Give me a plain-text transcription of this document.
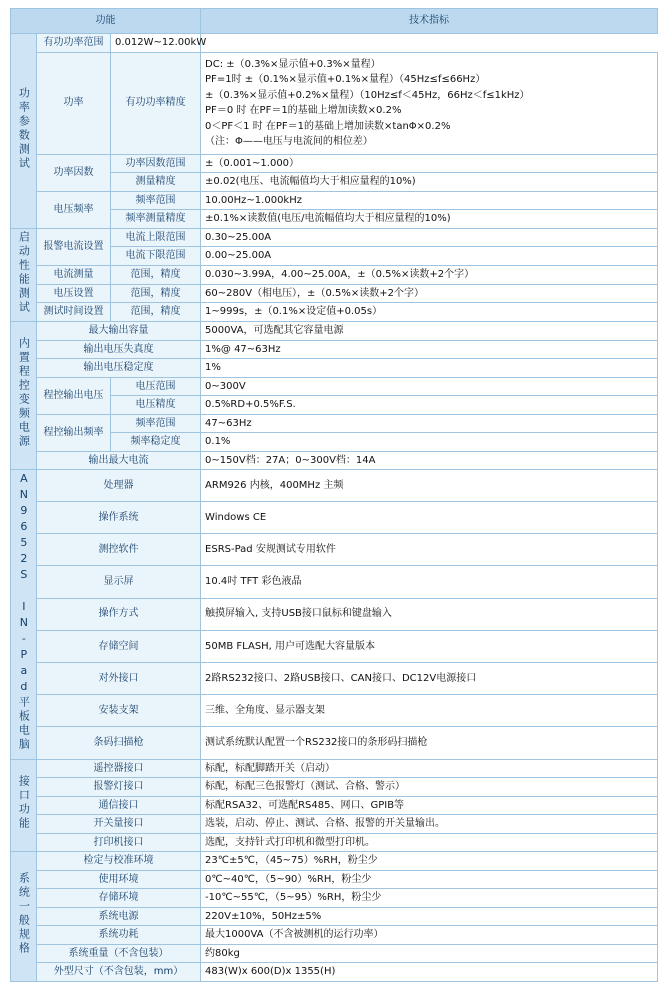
功能			技术指标
功率参数测试	有功功率范围	0.012W~12.00kW	
功率	有功功率精度	
DC: ±（0.3%×显示值+0.3%×量程）
PF=1时 ±（0.1%×显示值+0.1%×量程）（45Hz≤f≤66Hz）
±（0.3%×显示值+0.2%×量程）（10Hz≤f＜45Hz，66Hz＜f≤1kHz）
PF＝0 时 在PF＝1的基础上增加读数×0.2%
0＜PF＜1 时 在PF＝1的基础上增加读数×tanΦ×0.2%
（注：Φ——电压与电流间的相位差）

	功率因数	功率因数范围	±（0.001~1.000）
		测量精度	±0.02(电压、电流幅值均大于相应量程的10%)
	电压频率	频率范围	10.00Hz~1.000kHz
		频率测量精度	±0.1%×读数值(电压/电流幅值均大于相应量程的10%)
启动性能测试	报警电流设置	电流上限范围	0.30~25.00A
		电流下限范围	0.00~25.00A
	电流测量	范围，精度	0.030~3.99A，4.00~25.00A，±（0.5%×读数+2个字）
	电压设置	范围，精度	60~280V（相电压），±（0.5%×读数+2个字）
	测试时间设置	范围，精度	1~999s，±（0.1%×设定值+0.05s）
内置程控变频电源	最大输出容量		5000VA，可选配其它容量电源
	输出电压失真度		1%@ 47~63Hz
	输出电压稳定度		1%
	程控输出电压	电压范围	0~300V
		电压精度	0.5%RD+0.5%F.S.
	程控输出频率	频率范围	47~63Hz
		频率稳定度	0.1%
	输出最大电流		0~150V档：27A；0~300V档：14A
AN9652S IN-Pad平板电脑	处理器		ARM926 内核，400MHz 主频
	操作系统		Windows CE
	测控软件		ESRS-Pad 安规测试专用软件
	显示屏		10.4吋 TFT 彩色液晶
	操作方式		触摸屏输入, 支持USB接口鼠标和键盘输入
	存储空间		50MB FLASH, 用户可选配大容量版本
	对外接口		2路RS232接口、2路USB接口、CAN接口、DC12V电源接口
	安装支架		三维、全角度、显示器支架
	条码扫描枪		测试系统默认配置一个RS232接口的条形码扫描枪
接口功能	遥控器接口		标配，标配脚踏开关（启动）
	报警灯接口		标配，标配三色报警灯（测试、合格、警示）
	通信接口		标配RSA32、可选配RS485、网口、GPIB等
	开关量接口		选装，启动、停止、测试、合格、报警的开关量输出。
	打印机接口		选配，支持针式打印机和微型打印机。
系统一般规格	检定与校准环境		23℃±5℃，（45~75）%RH，粉尘少
	使用环境		0℃~40℃，（5~90）%RH，粉尘少
	存储环境		-10℃~55℃，（5~95）%RH，粉尘少
	系统电源		220V±10%，50Hz±5%
	系统功耗		最大1000VA（不含被测机的运行功率）
	系统重量（不含包装）		约80kg
	外型尺寸（不含包装，mm）		483(W)x 600(D)x 1355(H)
